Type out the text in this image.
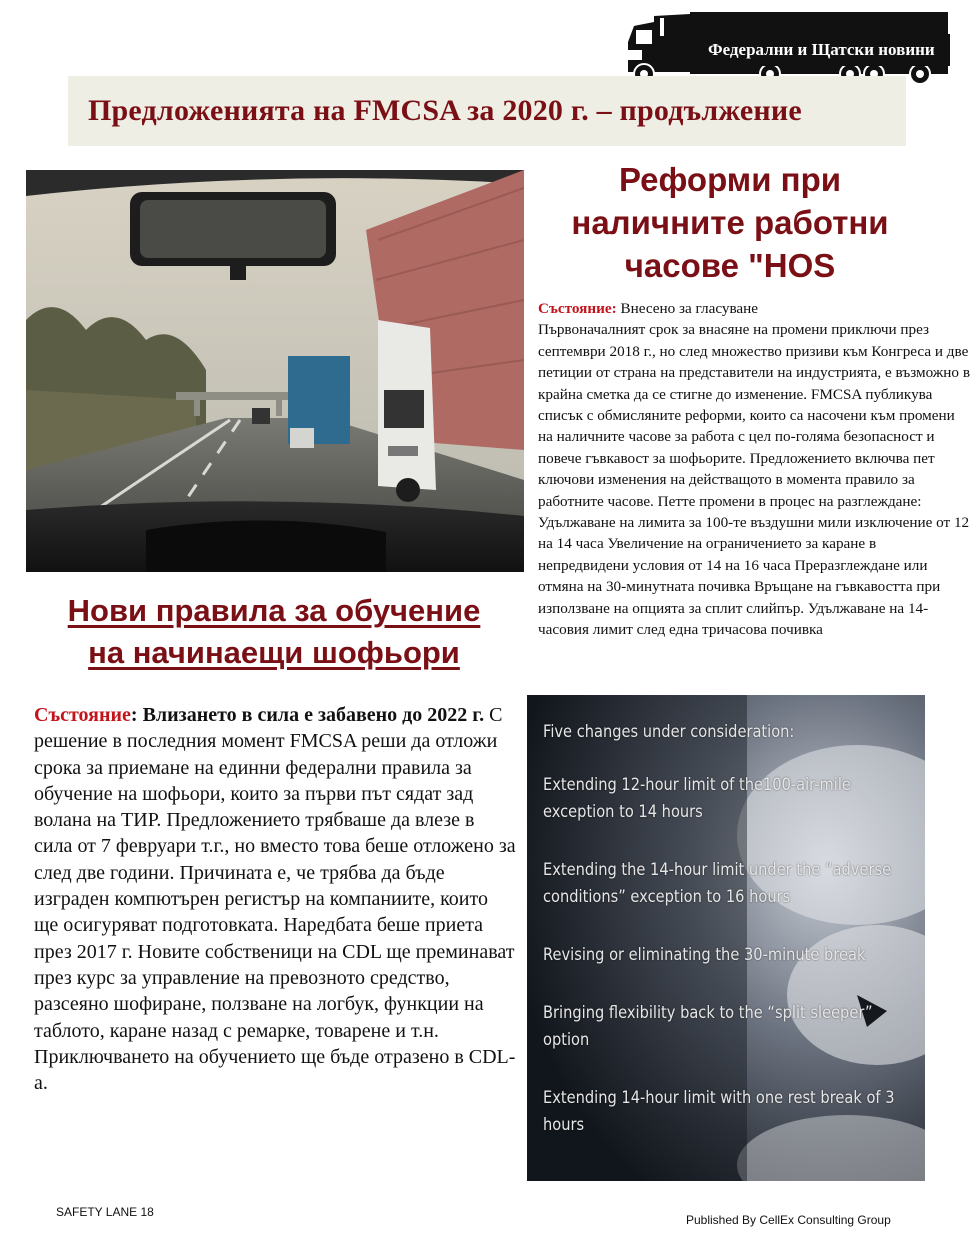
Федерални и Щатски новини
Предложенията на FMCSA за 2020 г. – продължение
Реформи при
наличните работни
часове "HOS
Състояние: Внесено за гласуване
Първоначалният срок за внасяне на промени приключи през септември 2018 г., но след множество призиви към Конгреса и две петиции от страна на представители на индустрията, е възможно в крайна сметка да се стигне до изменение. FMCSA публикува списък с обмисляните реформи, които са насочени към промени на наличните часове за работа с цел по-голяма безопасност и повече гъвкавост за шофьорите. Предложението включва пет ключови изменения на действащото в момента правило за работните часове. Петте промени в процес на разглеждане: Удължаване на лимита за 100-те въздушни мили изключение от 12 на 14 часа Увеличение на ограничението за каране в непредвидени условия от 14 на 16 часа Преразглеждане или отмяна на 30-минутната почивка Връщане на гъвкавостта при използване на опцията за сплит слийпър. Удължаване на 14-часовия лимит след една тричасова почивка
Нови правила за обучение
на начинаещи шофьори
Състояние: Влизането в сила е забавено до 2022 г. С решение в последния момент FMCSA реши да отложи срока за приемане на единни федерални правила за обучение на шофьори, които за първи път сядат зад волана на ТИР. Предложението трябваше да влезе в сила от 7 февруари т.г., но вместо това беше отложено за след две години. Причината е, че трябва да бъде изграден компютърен регистър на компаниите, които ще осигуряват подготовката. Наредбата беше приета през 2017 г. Новите собственици на CDL ще преминават през курс за управление на превозното средство, разсеяно шофиране, ползване на логбук, функции на таблото, каране назад с ремарке, товарене и т.н. Приключването на обучението ще бъде отразено в CDL-а.
Five changes under consideration:
Extending 12-hour limit of the100-air-mile exception to 14 hours
Extending the 14-hour limit under the “adverse conditions” exception to 16 hours
Revising or eliminating the 30-minute break
Bringing flexibility back to the “split sleeper” option
Extending 14-hour limit with one rest break of 3 hours
SAFETY LANE 18
Published By CellEx Consulting Group
